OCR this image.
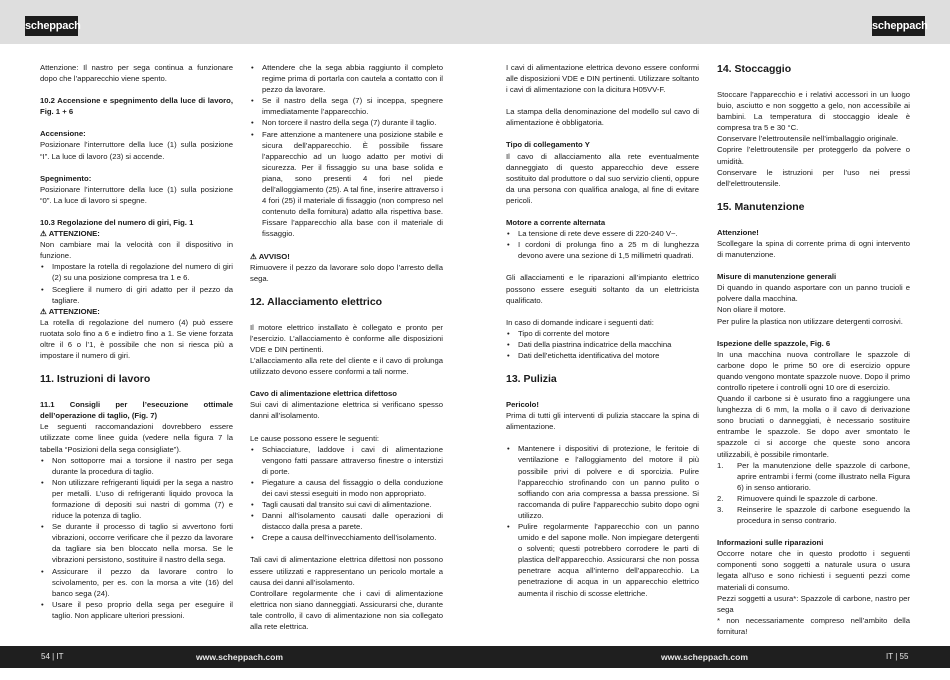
scheppach	scheppach

Attenzione: Il nastro per sega continua a funzionare dopo che l’apparecchio viene spento.

10.2 Accensione e spegnimento della luce di lavoro, Fig. 1 + 6

Accensione:

Posizionare l’interruttore della luce (1) sulla posizione “I”. La luce di lavoro (23) si accende.

Spegnimento:

Posizionare l’interruttore della luce (1) sulla posizione “0”. La luce di lavoro si spegne.

10.3 Regolazione del numero di giri, Fig. 1

⚠ ATTENZIONE:

Non cambiare mai la velocità con il dispositivo in funzione.

• Impostare la rotella di regolazione del numero di giri (2) su una posizione compresa tra 1 e 6.
• Scegliere il numero di giri adatto per il pezzo da tagliare.

⚠ ATTENZIONE:

La rotella di regolazione del numero (4) può essere ruotata solo fino a 6 e indietro fino a 1. Se viene forzata oltre il 6 o l’1, è possibile che non si riesca più a impostare il numero di giri.

11. Istruzioni di lavoro

11.1 Consigli per l’esecuzione ottimale dell’operazione di taglio, (Fig. 7)

Le seguenti raccomandazioni dovrebbero essere utilizzate come linee guida (vedere nella figura 7 la tabella “Posizioni della sega consigliate”).

• Non sottoporre mai a torsione il nastro per sega durante la procedura di taglio.
• Non utilizzare refrigeranti liquidi per la sega a nastro per metalli. L’uso di refrigeranti liquido provoca la formazione di depositi sui nastri di gomma (7) e riduce la potenza di taglio.
• Se durante il processo di taglio si avvertono forti vibrazioni, occorre verificare che il pezzo da lavorare da tagliare sia ben bloccato nella morsa. Se le vibrazioni persistono, sostituire il nastro della sega.
• Assicurare il pezzo da lavorare contro lo scivolamento, per es. con la morsa a vite (16) del banco sega (24).
• Usare il peso proprio della sega per eseguire il taglio. Non applicare ulteriori pressioni.
• Attendere che la sega abbia raggiunto il completo regime prima di portarla con cautela a contatto con il pezzo da lavorare.
• Se il nastro della sega (7) si inceppa, spegnere immediatamente l’apparecchio.
• Non torcere il nastro della sega (7) durante il taglio.
• Fare attenzione a mantenere una posizione stabile e sicura dell’apparecchio. È possibile fissare l’apparecchio ad un luogo adatto per motivi di sicurezza. Per il fissaggio su una base solida e piana, sono presenti 4 fori nel piede dell’alloggiamento (25). A tal fine, inserire attraverso i 4 fori (25) il materiale di fissaggio (non compreso nel contenuto della fornitura) adatto alla rispettiva base. Fissare l’apparecchio alla base con il materiale di fissaggio.

⚠ AVVISO!

Rimuovere il pezzo da lavorare solo dopo l’arresto della sega.

12. Allacciamento elettrico

Il motore elettrico installato è collegato e pronto per l’esercizio. L’allacciamento è conforme alle disposizioni VDE e DIN pertinenti.

L’allacciamento alla rete del cliente e il cavo di prolunga utilizzato devono essere conformi a tali norme.

Cavo di alimentazione elettrica difettoso

Sui cavi di alimentazione elettrica si verificano spesso danni all’isolamento.

Le cause possono essere le seguenti:

• Schiacciature, laddove i cavi di alimentazione vengono fatti passare attraverso finestre o interstizi di porte.
• Piegature a causa del fissaggio o della conduzione dei cavi stessi eseguiti in modo non appropriato.
• Tagli causati dal transito sui cavi di alimentazione.
• Danni all’isolamento causati dalle operazioni di distacco dalla presa a parete.
• Crepe a causa dell’invecchiamento dell’isolamento.

Tali cavi di alimentazione elettrica difettosi non possono essere utilizzati e rappresentano un pericolo mortale a causa dei danni all’isolamento.

Controllare regolarmente che i cavi di alimentazione elettrica non siano danneggiati. Assicurarsi che, durante tale controllo, il cavo di alimentazione non sia collegato alla rete elettrica.

I cavi di alimentazione elettrica devono essere conformi alle disposizioni VDE e DIN pertinenti. Utilizzare soltanto i cavi di alimentazione con la dicitura H05VV-F.

La stampa della denominazione del modello sul cavo di alimentazione è obbligatoria.

Tipo di collegamento Y

Il cavo di allacciamento alla rete eventualmente danneggiato di questo apparecchio deve essere sostituito dal produttore o dal suo servizio clienti, oppure da una persona con qualifica analoga, al fine di evitare pericoli.

Motore a corrente alternata

• La tensione di rete deve essere di 220-240 V~.
• I cordoni di prolunga fino a 25 m di lunghezza devono avere una sezione di 1,5 millimetri quadrati.

Gli allacciamenti e le riparazioni all’impianto elettrico possono essere eseguiti soltanto da un elettricista qualificato.

In caso di domande indicare i seguenti dati:

• Tipo di corrente del motore
• Dati della piastrina indicatrice della macchina
• Dati dell’etichetta identificativa del motore
13. Pulizia

Pericolo!

Prima di tutti gli interventi di pulizia staccare la spina di alimentazione.

• Mantenere i dispositivi di protezione, le feritoie di ventilazione e l’alloggiamento del motore il più possibile privi di polvere e di sporcizia. Pulire l’apparecchio strofinando con un panno pulito o soffiando con aria compressa a bassa pressione. Si raccomanda di pulire l’apparecchio subito dopo ogni utilizzo.
• Pulire regolarmente l’apparecchio con un panno umido e del sapone molle. Non impiegare detergenti o solventi; questi potrebbero corrodere le parti di plastica dell’apparecchio. Assicurarsi che non possa penetrare acqua all’interno dell’apparecchio. La penetrazione di acqua in un apparecchio elettrico aumenta il rischio di scosse elettriche.
14. Stoccaggio

Stoccare l’apparecchio e i relativi accessori in un luogo buio, asciutto e non soggetto a gelo, non accessibile ai bambini. La temperatura di stoccaggio ideale è compresa tra 5 e 30 °C.

Conservare l’elettroutensile nell’imballaggio originale.

Coprire l’elettroutensile per proteggerlo da polvere o umidità.

Conservare le istruzioni per l’uso nei pressi dell’elettroutensile.

15. Manutenzione

Attenzione!

Scollegare la spina di corrente prima di ogni intervento di manutenzione.

Misure di manutenzione generali

Di quando in quando asportare con un panno trucioli e polvere dalla macchina.

Non oliare il motore.

Per pulire la plastica non utilizzare detergenti corrosivi.

Ispezione delle spazzole, Fig. 6

In una macchina nuova controllare le spazzole di carbone dopo le prime 50 ore di esercizio oppure quando vengono montate spazzole nuove. Dopo il primo controllo ripetere i controlli ogni 10 ore di esercizio.

Quando il carbone si è usurato fino a raggiungere una lunghezza di 6 mm, la molla o il cavo di derivazione sono bruciati o danneggiati, è necessario sostituire entrambe le spazzole. Se dopo aver smontato le spazzole ci si accorge che queste sono ancora utilizzabili, è possibile rimontarle.

1. Per la manutenzione delle spazzole di carbone, aprire entrambi i fermi (come illustrato nella Figura 6) in senso antiorario.
2. Rimuovere quindi le spazzole di carbone.
3. Reinserire le spazzole di carbone eseguendo la procedura in senso contrario.

Informazioni sulle riparazioni

Occorre notare che in questo prodotto i seguenti componenti sono soggetti a naturale usura o usura legata all’uso e sono richiesti i seguenti pezzi come materiali di consumo.

Pezzi soggetti a usura*: Spazzole di carbone, nastro per sega

* non necessariamente compreso nell’ambito della fornitura!

54 | IT	www.scheppach.com	www.scheppach.com	IT | 55
